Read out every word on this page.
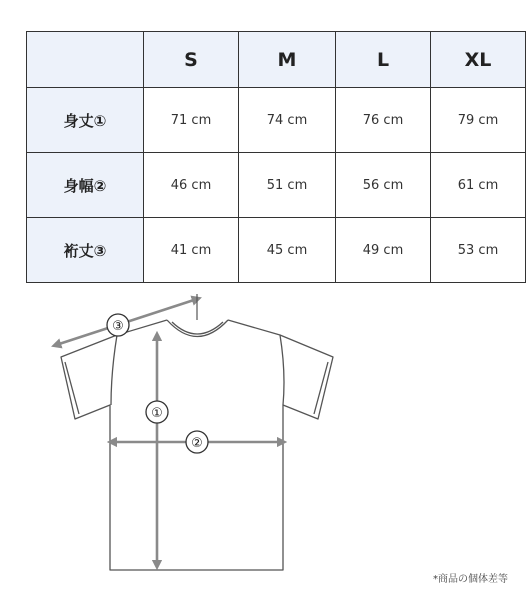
	S	M	L	XL
身丈①	71 cm	74 cm	76 cm	79 cm
身幅②	46 cm	51 cm	56 cm	61 cm
裄丈③	41 cm	45 cm	49 cm	53 cm
①
②
③
*商品の個体差等
